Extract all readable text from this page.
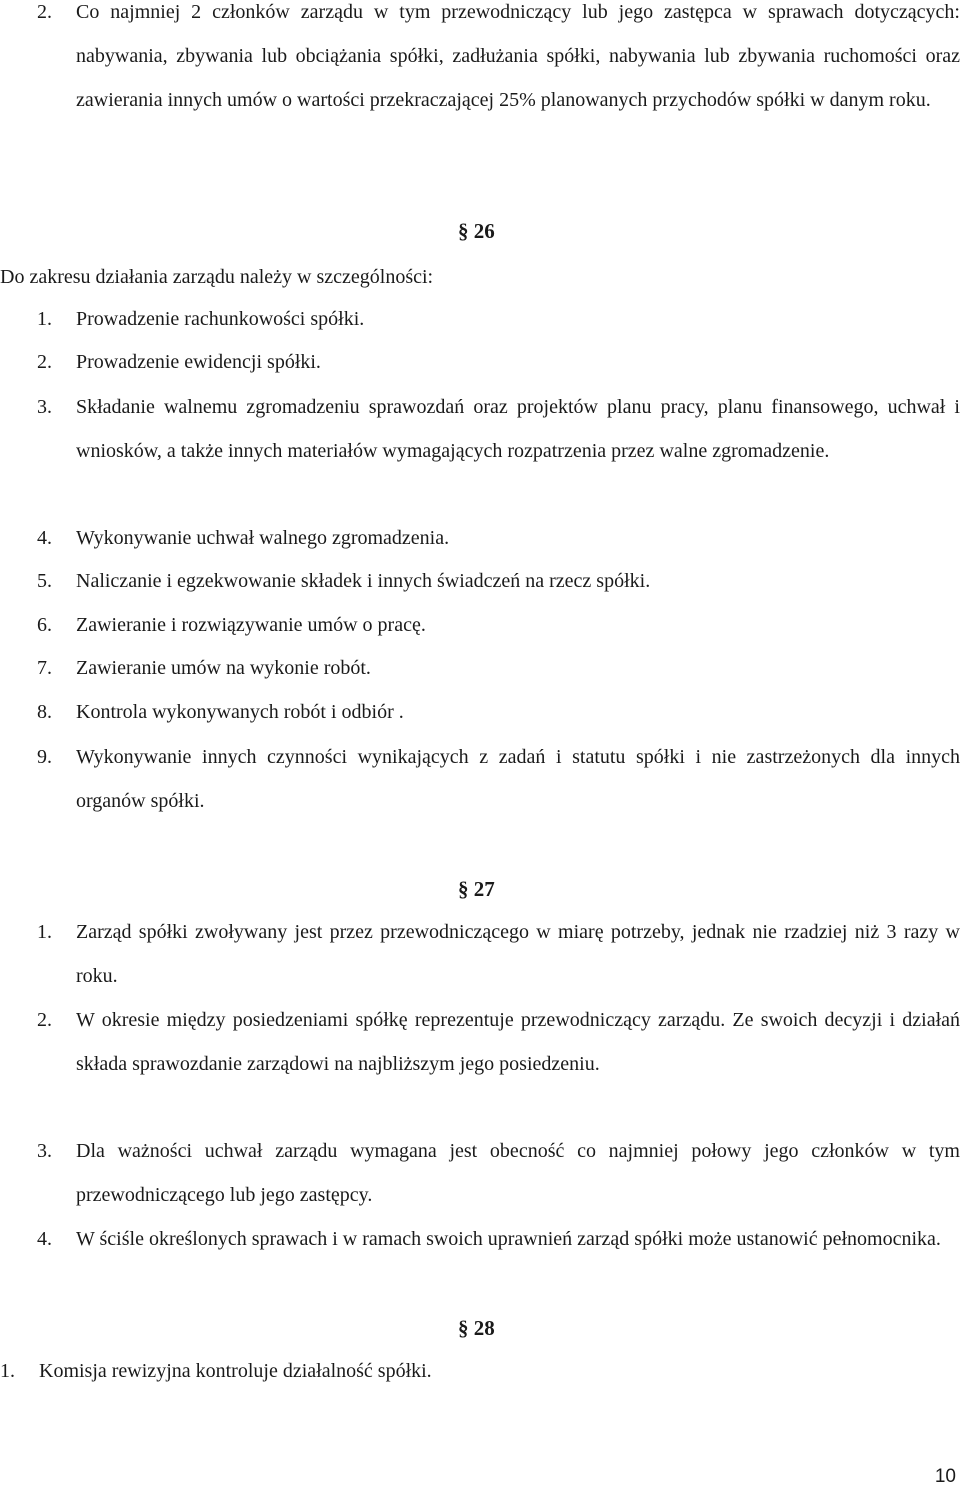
2. Co najmniej 2 członków zarządu w tym przewodniczący lub jego zastępca w sprawach dotyczących: nabywania, zbywania lub obciążania spółki, zadłużania spółki, nabywania lub zbywania ruchomości oraz zawierania innych umów o wartości przekraczającej 25% planowanych przychodów spółki w danym roku.
§ 26
Do zakresu działania zarządu należy w szczególności:
1. Prowadzenie rachunkowości spółki.
2. Prowadzenie ewidencji spółki.
3. Składanie walnemu zgromadzeniu sprawozdań oraz projektów planu pracy, planu finansowego, uchwał i wniosków, a także innych materiałów wymagających rozpatrzenia przez walne zgromadzenie.
4. Wykonywanie uchwał walnego zgromadzenia.
5. Naliczanie i egzekwowanie składek i innych świadczeń na rzecz spółki.
6. Zawieranie i rozwiązywanie umów o pracę.
7. Zawieranie umów na wykonie robót.
8. Kontrola wykonywanych robót i odbiór .
9. Wykonywanie innych czynności wynikających z zadań i statutu spółki i nie zastrzeżonych dla innych organów spółki.
§ 27
1. Zarząd spółki zwoływany jest przez przewodniczącego w miarę potrzeby, jednak nie rzadziej niż 3 razy w roku.
2. W okresie między posiedzeniami spółkę reprezentuje przewodniczący zarządu. Ze swoich decyzji i działań składa sprawozdanie zarządowi na najbliższym jego posiedzeniu.
3. Dla ważności uchwał zarządu wymagana jest obecność co najmniej połowy jego członków w tym przewodniczącego lub jego zastępcy.
4. W ściśle określonych sprawach i w ramach swoich uprawnień zarząd spółki może ustanowić pełnomocnika.
§ 28
1. Komisja rewizyjna kontroluje działalność spółki.
10
